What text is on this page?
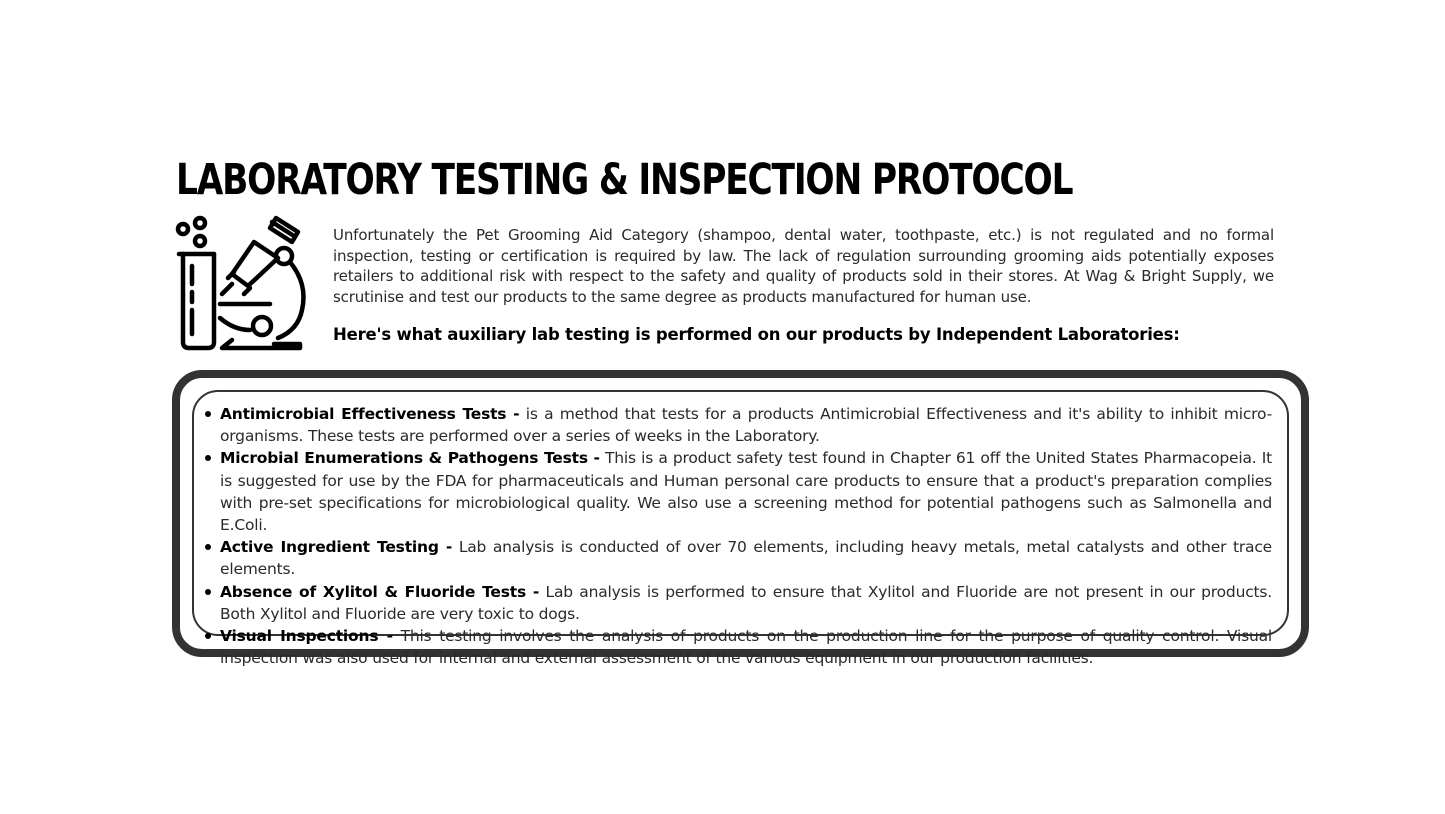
LABORATORY TESTING & INSPECTION PROTOCOL

Unfortunately the Pet Grooming Aid Category (shampoo, dental water, toothpaste, etc.) is not regulated and no formal inspection, testing or certification is required by law. The lack of regulation surrounding grooming aids potentially exposes retailers to additional risk with respect to the safety and quality of products sold in their stores. At Wag & Bright Supply, we scrutinise and test our products to the same degree as products manufactured for human use.

Here's what auxiliary lab testing is performed on our products by Independent Laboratories:

Antimicrobial Effectiveness Tests - is a method that tests for a products Antimicrobial Effectiveness and it's ability to inhibit micro-organisms. These tests are performed over a series of weeks in the Laboratory.
Microbial Enumerations & Pathogens Tests - This is a product safety test found in Chapter 61 off the United States Pharmacopeia. It is suggested for use by the FDA for pharmaceuticals and Human personal care products to ensure that a product's preparation complies with pre-set specifications for microbiological quality. We also use a screening method for potential pathogens such as Salmonella and E.Coli.
Active Ingredient Testing - Lab analysis is conducted of over 70 elements, including heavy metals, metal catalysts and other trace elements.
Absence of Xylitol & Fluoride Tests - Lab analysis is performed to ensure that Xylitol and Fluoride are not present in our products. Both Xylitol and Fluoride are very toxic to dogs.
Visual Inspections - This testing involves the analysis of products on the production line for the purpose of quality control. Visual inspection was also used for internal and external assessment of the various equipment in our production facilities.
